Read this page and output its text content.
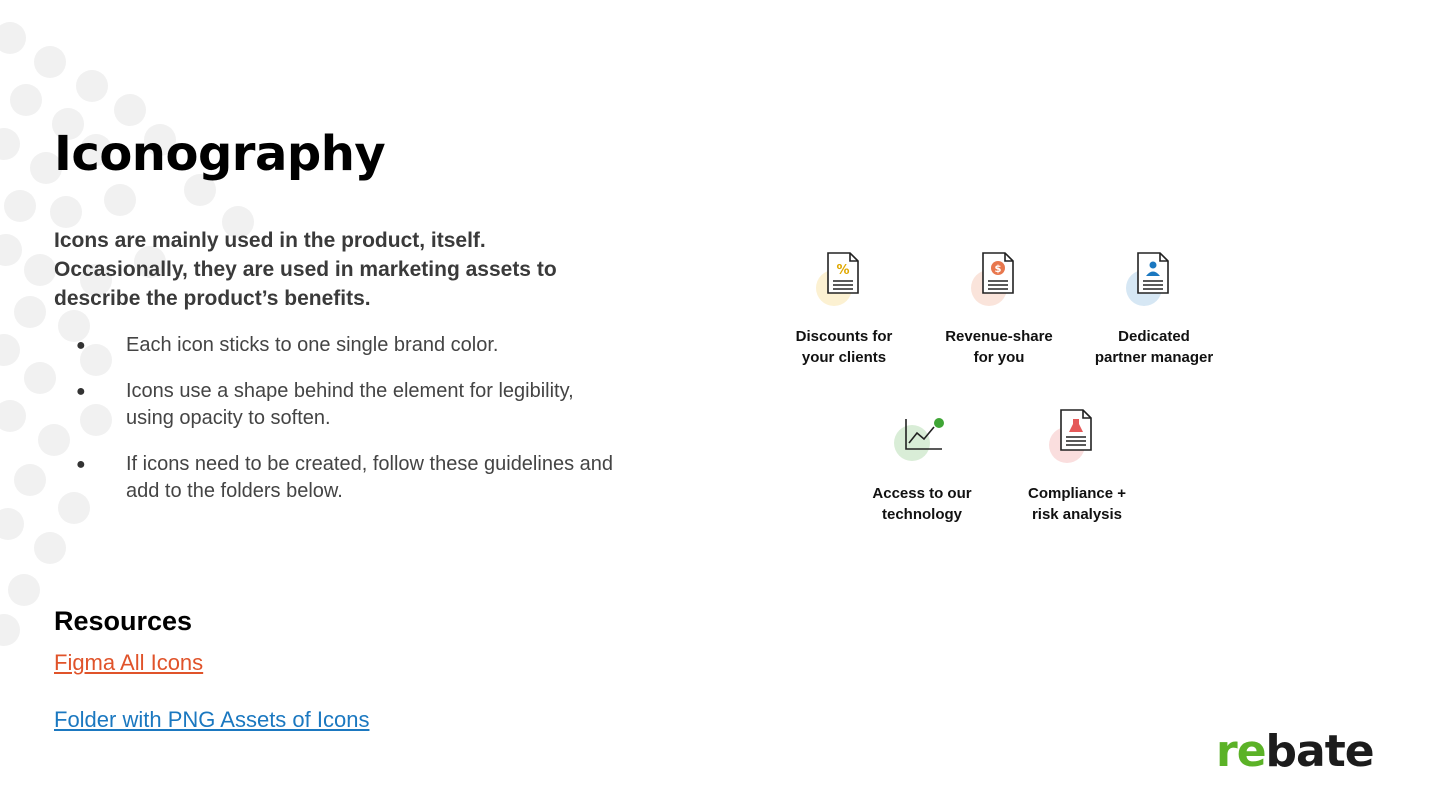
Iconography

Icons are mainly used in the product, itself. Occasionally, they are used in marketing assets to describe the product’s benefits.

● Each icon sticks to one single brand color.
● Icons use a shape behind the element for legibility, using opacity to soften.
● If icons need to be created, follow these guidelines and add to the folders below.
%
Discounts for
your clients
$
Revenue-share
for you
Dedicated
partner manager
Access to our
technology
Compliance +
risk analysis
Resources
Figma All Icons
Folder with PNG Assets of Icons
rebate
